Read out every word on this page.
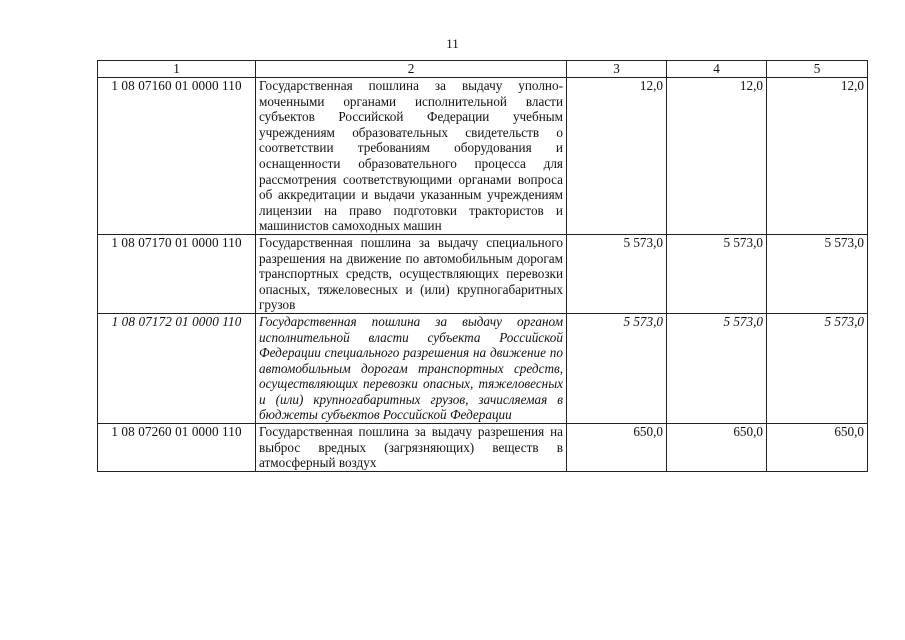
11
1	2	3	4	5
1 08 07160 01 0000 110	Государственная пошлина за выдачу уполномоченными органами исполнительной власти субъектов Российской Федерации учебным учреждениям образовательных свидетельств о соответствии требованиям оборудования и оснащенности образовательного процесса для рассмотрения соответствующими органами вопроса об аккредитации и выдачи указанным учреждениям лицензии на право подготовки трактористов и машинистов самоходных машин	12,0	12,0	12,0
1 08 07170 01 0000 110	Государственная пошлина за выдачу специального разрешения на движение по автомобильным дорогам транспортных средств, осуществляющих перевозки опасных, тяжеловесных и (или) крупногабаритных грузов	5 573,0	5 573,0	5 573,0
1 08 07172 01 0000 110	Государственная пошлина за выдачу органом исполнительной власти субъекта Российской Федерации специального разрешения на движение по автомобильным дорогам транспортных средств, осуществляющих перевозки опасных, тяжеловесных и (или) крупногабаритных грузов, зачисляемая в бюджеты субъектов Российской Федерации	5 573,0	5 573,0	5 573,0
1 08 07260 01 0000 110	Государственная пошлина за выдачу разрешения на выброс вредных (загрязняющих) веществ в атмосферный воздух	650,0	650,0	650,0
